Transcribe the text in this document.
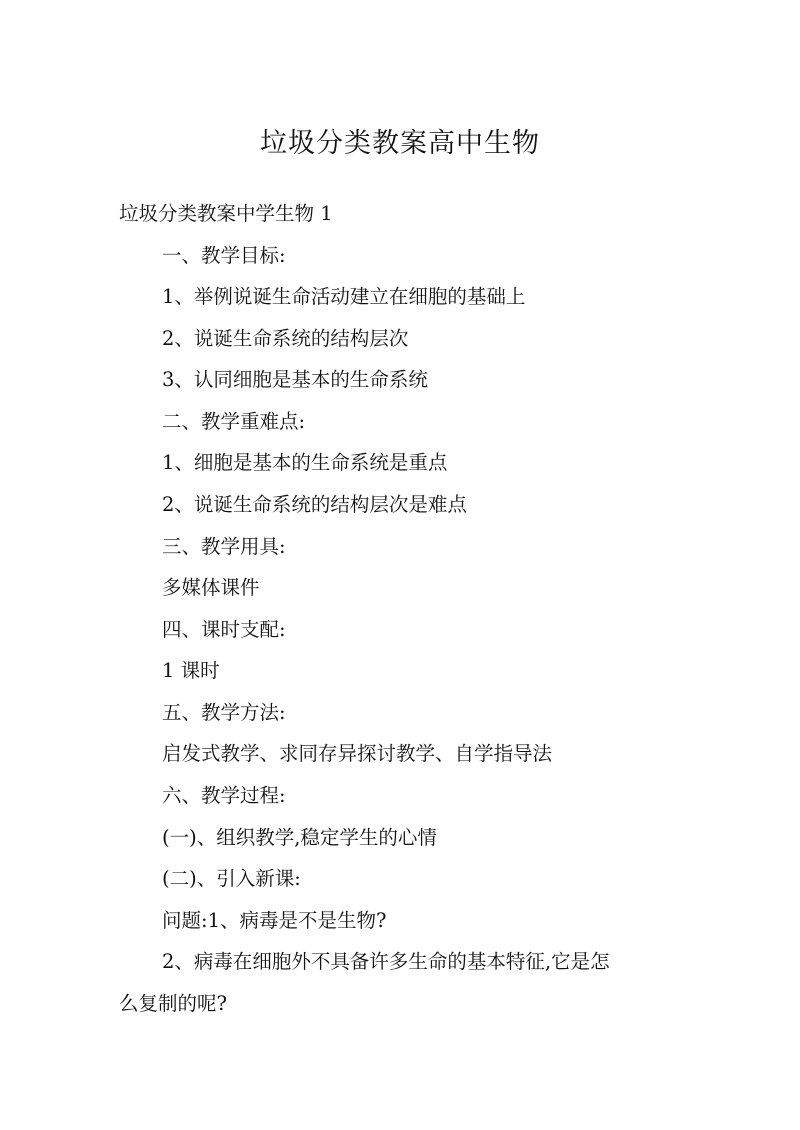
垃圾分类教案高中生物

垃圾分类教案中学生物 1

一、教学目标:

1、举例说诞生命活动建立在细胞的基础上

2、说诞生命系统的结构层次

3、认同细胞是基本的生命系统

二、教学重难点:

1、细胞是基本的生命系统是重点

2、说诞生命系统的结构层次是难点

三、教学用具:

多媒体课件

四、课时支配:

1 课时

五、教学方法:

启发式教学、求同存异探讨教学、自学指导法

六、教学过程:

(一)、组织教学,稳定学生的心情

(二)、引入新课:

问题:1、病毒是不是生物?

2、病毒在细胞外不具备许多生命的基本特征,它是怎

么复制的呢?
